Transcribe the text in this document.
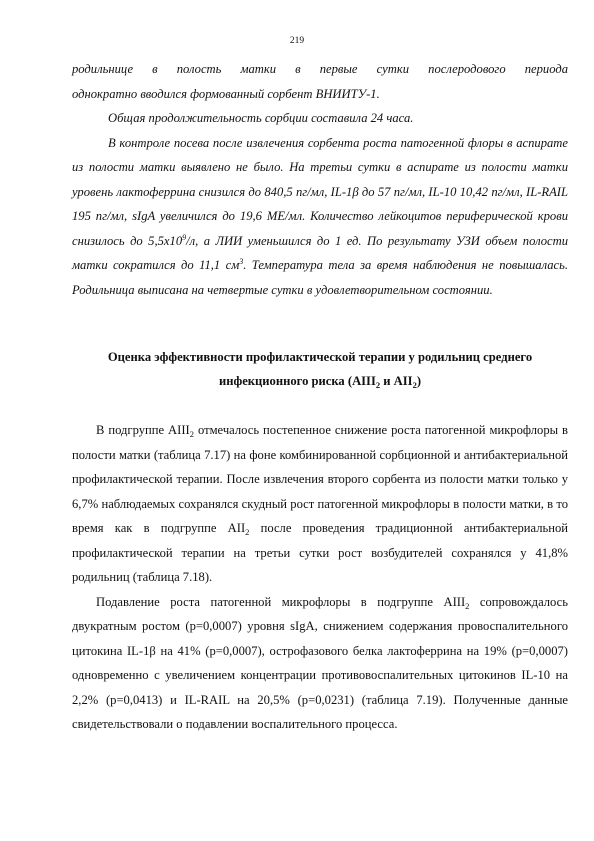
219

родильнице в полость матки в первые сутки послеродового периода

однократно вводился формованный сорбент ВНИИТУ-1.

Общая продолжительность сорбции составила 24 часа.

В контроле посева после извлечения сорбента роста патогенной флоры в аспирате из полости матки выявлено не было. На третьи сутки в аспирате из полости матки уровень лактоферрина снизился до 840,5 пг/мл, IL-1β до 57 пг/мл, IL-10 10,42 пг/мл, IL-RAIL 195 пг/мл, sIgA увеличился до 19,6 МЕ/мл. Количество лейкоцитов периферической крови снизилось до $5,5х10^9/л$, а ЛИИ уменьшился до 1 ед. По результату УЗИ объем полости матки сократился до 11,1 $см^3$. Температура тела за время наблюдения не повышалась. Родильница выписана на четвертые сутки в удовлетворительном состоянии.

Оценка эффективности профилактической терапии у родильниц среднего
инфекционного риска ($АIII_2$ и $АII_2$)

В подгруппе $АIII_2$ отмечалось постепенное снижение роста патогенной микрофлоры в полости матки (таблица 7.17) на фоне комбинированной сорбционной и антибактериальной профилактической терапии. После извлечения второго сорбента из полости матки только у 6,7% наблюдаемых сохранялся скудный рост патогенной микрофлоры в полости матки, в то время как в подгруппе $АII_2$ после проведения традиционной антибактериальной профилактической терапии на третьи сутки рост возбудителей сохранялся у 41,8% родильниц (таблица 7.18).

Подавление роста патогенной микрофлоры в подгруппе $АIII_2$ сопровождалось двукратным ростом (р=0,0007) уровня sIgA, снижением содержания провоспалительного цитокина IL-1β на 41% (р=0,0007), острофазового белка лактоферрина на 19% (р=0,0007) одновременно с увеличением концентрации противовоспалительных цитокинов IL-10 на 2,2% (р=0,0413) и IL-RAIL на 20,5% (р=0,0231) (таблица 7.19). Полученные данные свидетельствовали о подавлении воспалительного процесса.
